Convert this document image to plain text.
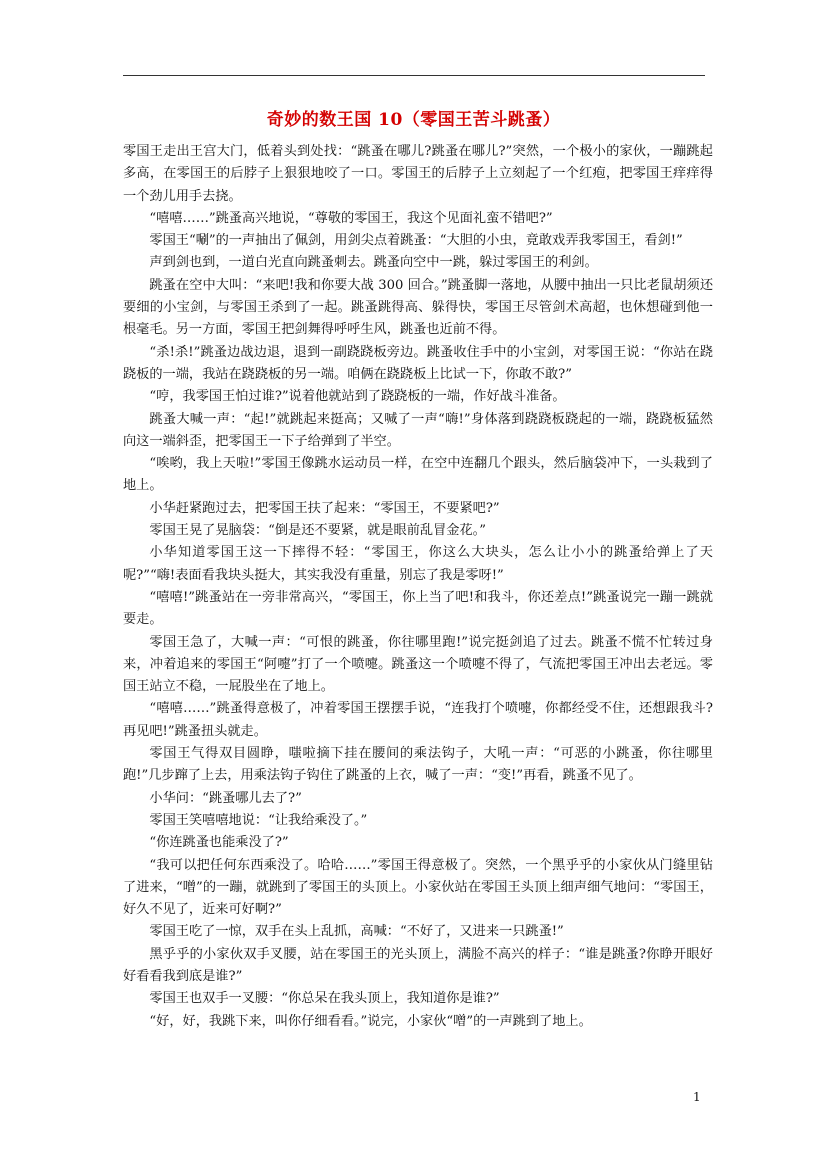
奇妙的数王国 10（零国王苦斗跳蚤）

零国王走出王宫大门，低着头到处找：“跳蚤在哪儿?跳蚤在哪儿?”突然，一个极小的家伙，一蹦跳起多高，在零国王的后脖子上狠狠地咬了一口。零国王的后脖子上立刻起了一个红疱，把零国王痒痒得一个劲儿用手去挠。

“嘻嘻……”跳蚤高兴地说，“尊敬的零国王，我这个见面礼蛮不错吧?”

零国王“唰”的一声抽出了佩剑，用剑尖点着跳蚤：“大胆的小虫，竟敢戏弄我零国王，看剑!”

声到剑也到，一道白光直向跳蚤刺去。跳蚤向空中一跳，躲过零国王的利剑。

跳蚤在空中大叫：“来吧!我和你要大战 300 回合。”跳蚤脚一落地，从腰中抽出一只比老鼠胡须还要细的小宝剑，与零国王杀到了一起。跳蚤跳得高、躲得快，零国王尽管剑术高超，也休想碰到他一根毫毛。另一方面，零国王把剑舞得呼呼生风，跳蚤也近前不得。

“杀!杀!”跳蚤边战边退，退到一副跷跷板旁边。跳蚤收住手中的小宝剑，对零国王说：“你站在跷跷板的一端，我站在跷跷板的另一端。咱俩在跷跷板上比试一下，你敢不敢?”

“哼，我零国王怕过谁?”说着他就站到了跷跷板的一端，作好战斗准备。

跳蚤大喊一声：“起!”就跳起来挺高；又喊了一声“嗨!”身体落到跷跷板跷起的一端，跷跷板猛然向这一端斜歪，把零国王一下子给弹到了半空。

“唉哟，我上天啦!”零国王像跳水运动员一样，在空中连翻几个跟头，然后脑袋冲下，一头栽到了地上。

小华赶紧跑过去，把零国王扶了起来：“零国王，不要紧吧?”

零国王晃了晃脑袋：“倒是还不要紧，就是眼前乱冒金花。”

小华知道零国王这一下摔得不轻：“零国王，你这么大块头，怎么让小小的跳蚤给弹上了天呢?”“嗨!表面看我块头挺大，其实我没有重量，别忘了我是零呀!”

“嘻嘻!”跳蚤站在一旁非常高兴，“零国王，你上当了吧!和我斗，你还差点!”跳蚤说完一蹦一跳就要走。

零国王急了，大喊一声：“可恨的跳蚤，你往哪里跑!”说完挺剑追了过去。跳蚤不慌不忙转过身来，冲着追来的零国王“阿嚏”打了一个喷嚏。跳蚤这一个喷嚏不得了，气流把零国王冲出去老远。零国王站立不稳，一屁股坐在了地上。

“嘻嘻……”跳蚤得意极了，冲着零国王摆摆手说，“连我打个喷嚏，你都经受不住，还想跟我斗?再见吧!”跳蚤扭头就走。

零国王气得双目圆睁，嗤啦摘下挂在腰间的乘法钩子，大吼一声：“可恶的小跳蚤，你往哪里跑!”几步蹿了上去，用乘法钩子钩住了跳蚤的上衣，喊了一声：“变!”再看，跳蚤不见了。

小华问：“跳蚤哪儿去了?”

零国王笑嘻嘻地说：“让我给乘没了。”

“你连跳蚤也能乘没了?”

“我可以把任何东西乘没了。哈哈……”零国王得意极了。突然，一个黑乎乎的小家伙从门缝里钻了进来，“噌”的一蹦，就跳到了零国王的头顶上。小家伙站在零国王头顶上细声细气地问：“零国王，好久不见了，近来可好啊?”

零国王吃了一惊，双手在头上乱抓，高喊：“不好了，又进来一只跳蚤!”

黑乎乎的小家伙双手叉腰，站在零国王的光头顶上，满脸不高兴的样子：“谁是跳蚤?你睁开眼好好看看我到底是谁?”

零国王也双手一叉腰：“你总呆在我头顶上，我知道你是谁?”

“好，好，我跳下来，叫你仔细看看。”说完，小家伙“噌”的一声跳到了地上。

1
